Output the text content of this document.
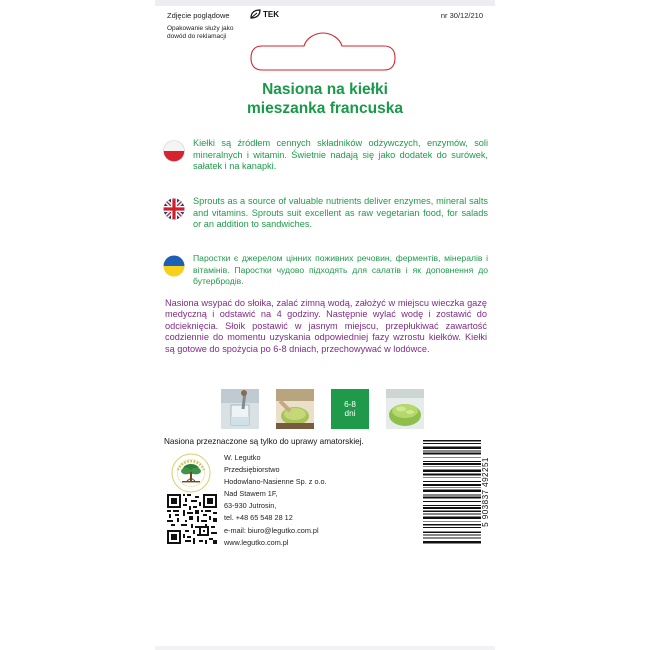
Zdjęcie poglądowe	TEK	nr 30/12/210
Opakowanie służy jako dowód do reklamacji
Nasiona na kiełki
mieszanka francuska
Kiełki są źródłem cennych składników odżywczych, enzymów, soli mineralnych i witamin. Świetnie nadają się jako dodatek do surówek, sałatek i na kanapki.
Sprouts as a source of valuable nutrients deliver enzymes, mineral salts and vitamins. Sprouts suit excellent as raw vegetarian food, for salads or an addition to sandwiches.
Паростки є джерелом цінних поживних речовин, ферментів, мінералів і вітамінів. Паростки чудово підходять для салатів і як доповнення до бутербродів.
Nasiona wsypać do słoika, zalać zimną wodą, założyć w miejscu wieczka gazę medyczną i odstawić na 4 godziny. Następnie wylać wodę i zostawić do odcieknięcia. Słoik postawić w jasnym miejscu, przepłukiwać zawartość codziennie do momentu uzyskania odpowiedniej fazy wzrostu kiełków. Kiełki są gotowe do spożycia po 6-8 dniach, przechowywać w lodówce.
6-8
dni
Nasiona przeznaczone są tylko do uprawy amatorskiej.
W. Legutko
Przedsiębiorstwo
Hodowlano-Nasienne Sp. z o.o.
Nad Stawem 1F,
63-930 Jutrosin,
tel. +48 65 548 28 12
e-mail: biuro@legutko.com.pl
www.legutko.com.pl
5 903837 492251
